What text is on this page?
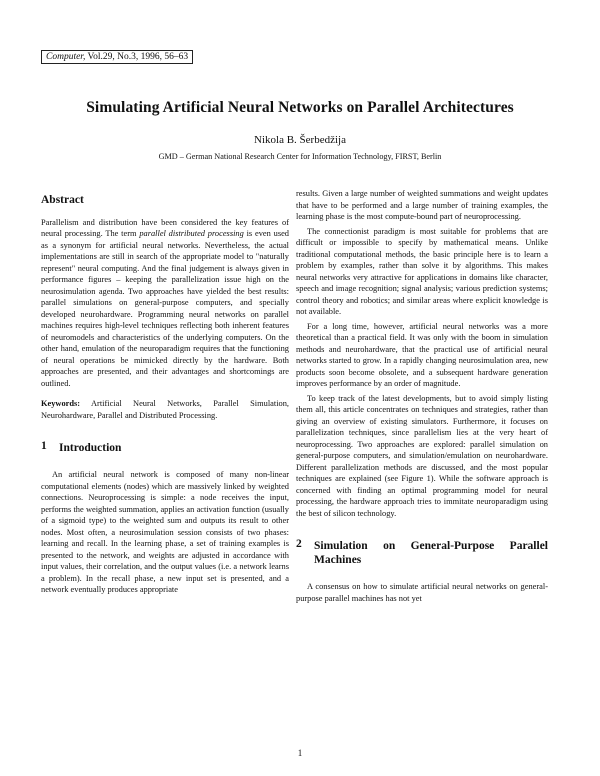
Computer, Vol.29, No.3, 1996, 56–63
Simulating Artificial Neural Networks on Parallel Architectures
Nikola B. Šerbedžija
GMD – German National Research Center for Information Technology, FIRST, Berlin
Abstract

Parallelism and distribution have been considered the key features of neural processing. The term parallel distributed processing is even used as a synonym for artificial neural networks. Nevertheless, the actual implementations are still in search of the appropriate model to "naturally represent" neural computing. And the final judgement is always given in performance figures – keeping the parallelization issue high on the neurosimulation agenda. Two approaches have yielded the best results: parallel simulations on general-purpose computers, and specially developed neurohardware. Programming neural networks on parallel machines requires high-level techniques reflecting both inherent features of neuromodels and characteristics of the underlying computers. On the other hand, emulation of the neuroparadigm requires that the functioning of neural operations be mimicked directly by the hardware. Both approaches are presented, and their advantages and shortcomings are outlined.

Keywords: Artificial Neural Networks, Parallel Simulation, Neurohardware, Parallel and Distributed Processing.

1	Introduction

An artificial neural network is composed of many non-linear computational elements (nodes) which are massively linked by weighted connections. Neuroprocessing is simple: a node receives the input, performs the weighted summation, applies an activation function (usually of a sigmoid type) to the weighted sum and outputs its result to other nodes. Most often, a neurosimulation session consists of two phases: learning and recall. In the learning phase, a set of training examples is presented to the network, and weights are adjusted in accordance with input values, their correlation, and the output values (i.e. a network learns a problem). In the recall phase, a new input set is presented, and a network eventually produces appropriate

results. Given a large number of weighted summations and weight updates that have to be performed and a large number of training examples, the learning phase is the most compute-bound part of neuroprocessing.

The connectionist paradigm is most suitable for problems that are difficult or impossible to specify by mathematical means. Unlike traditional computational methods, the basic principle here is to learn a problem by examples, rather than solve it by algorithms. This makes neural networks very attractive for applications in domains like character, speech and image recognition; signal analysis; various prediction systems; control theory and robotics; and similar areas where explicit knowledge is not available.

For a long time, however, artificial neural networks was a more theoretical than a practical field. It was only with the boom in simulation methods and neurohardware, that the practical use of artificial neural networks started to grow. In a rapidly changing neurosimulation area, new products soon become obsolete, and a subsequent hardware generation improves performance by an order of magnitude.

To keep track of the latest developments, but to avoid simply listing them all, this article concentrates on techniques and strategies, rather than giving an overview of existing simulators. Furthermore, it focuses on parallelization techniques, since parallelism lies at the very heart of neuroprocessing. Two approaches are explored: parallel simulation on general-purpose computers, and simulation/emulation on neurohardware. Different parallelization methods are discussed, and the most popular techniques are explained (see Figure 1). While the software approach is concerned with finding an optimal programming model for neural processing, the hardware approach tries to immitate neuroparadigm using the best of silicon technology.

2	Simulation on General-Purpose Parallel Machines

A consensus on how to simulate artificial neural networks on general-purpose parallel machines has not yet

1
